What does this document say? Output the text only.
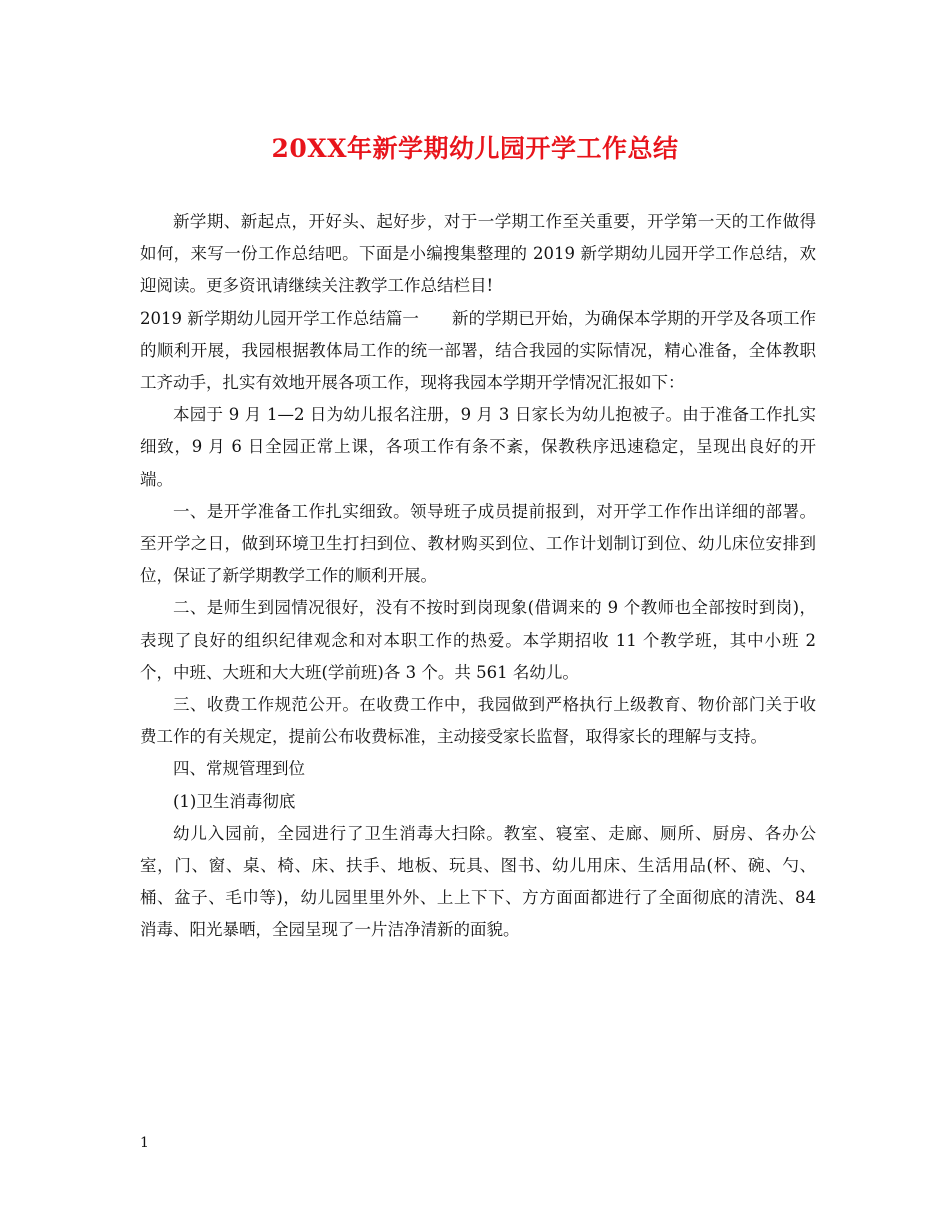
20XX年新学期幼儿园开学工作总结

新学期、新起点，开好头、起好步，对于一学期工作至关重要，开学第一天的工作做得如何，来写一份工作总结吧。下面是小编搜集整理的 2019 新学期幼儿园开学工作总结，欢迎阅读。更多资讯请继续关注教学工作总结栏目!

2019 新学期幼儿园开学工作总结篇一　　新的学期已开始，为确保本学期的开学及各项工作的顺利开展，我园根据教体局工作的统一部署，结合我园的实际情况，精心准备，全体教职工齐动手，扎实有效地开展各项工作，现将我园本学期开学情况汇报如下：

本园于 9 月 1—2 日为幼儿报名注册，9 月 3 日家长为幼儿抱被子。由于准备工作扎实细致，9 月 6 日全园正常上课，各项工作有条不紊，保教秩序迅速稳定，呈现出良好的开端。

一、是开学准备工作扎实细致。领导班子成员提前报到，对开学工作作出详细的部署。至开学之日，做到环境卫生打扫到位、教材购买到位、工作计划制订到位、幼儿床位安排到位，保证了新学期教学工作的顺利开展。

二、是师生到园情况很好，没有不按时到岗现象(借调来的 9 个教师也全部按时到岗)，表现了良好的组织纪律观念和对本职工作的热爱。本学期招收 11 个教学班，其中小班 2 个，中班、大班和大大班(学前班)各 3 个。共 561 名幼儿。

三、收费工作规范公开。在收费工作中，我园做到严格执行上级教育、物价部门关于收费工作的有关规定，提前公布收费标准，主动接受家长监督，取得家长的理解与支持。

四、常规管理到位

(1)卫生消毒彻底

幼儿入园前，全园进行了卫生消毒大扫除。教室、寝室、走廊、厕所、厨房、各办公室，门、窗、桌、椅、床、扶手、地板、玩具、图书、幼儿用床、生活用品(杯、碗、勺、桶、盆子、毛巾等)，幼儿园里里外外、上上下下、方方面面都进行了全面彻底的清洗、84 消毒、阳光暴晒，全园呈现了一片洁净清新的面貌。

1
